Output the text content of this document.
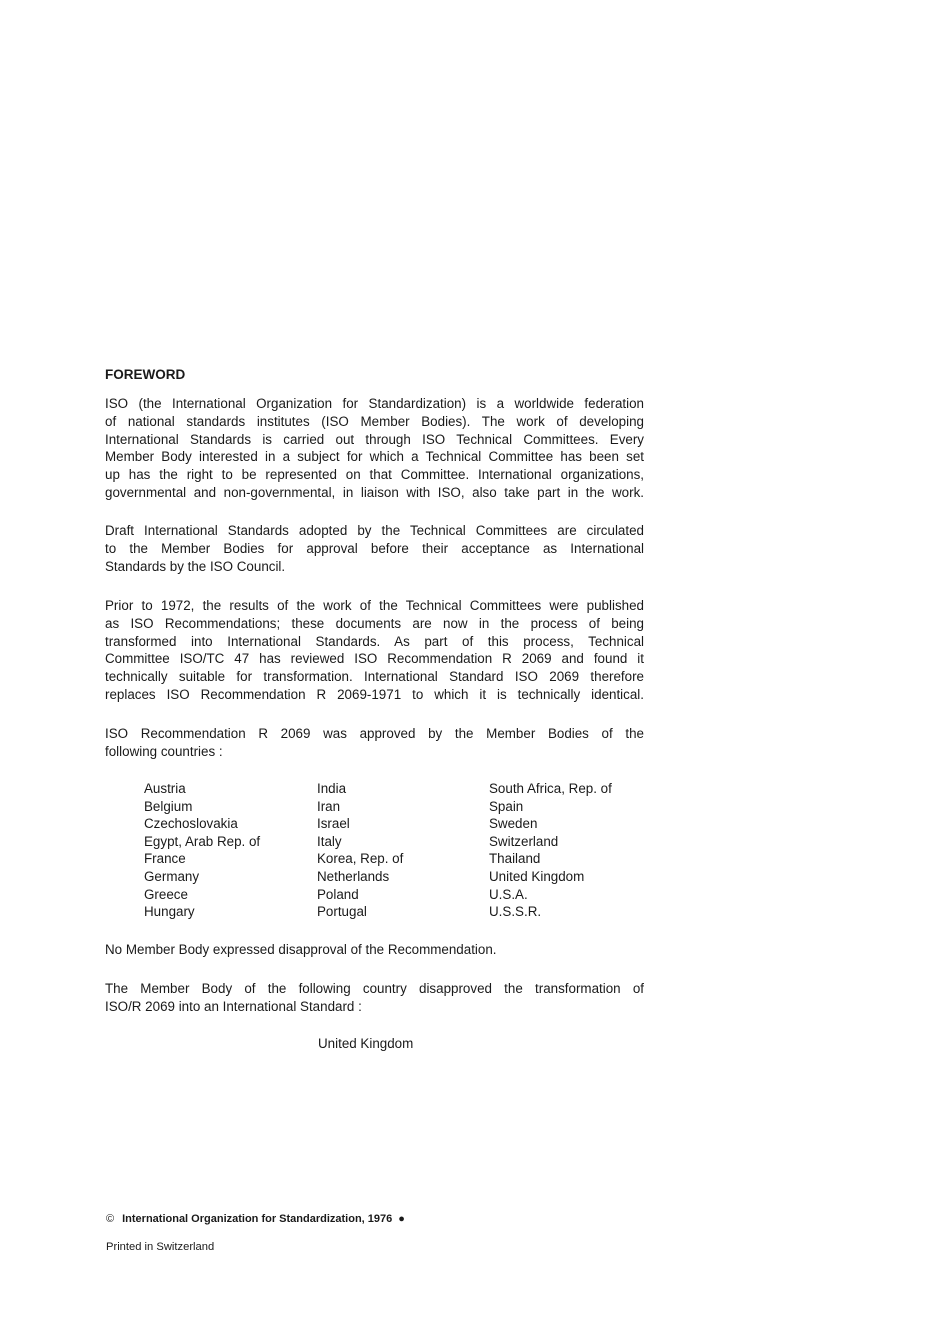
FOREWORD
ISO (the International Organization for Standardization) is a worldwide federation
of national standards institutes (ISO Member Bodies). The work of developing
International Standards is carried out through ISO Technical Committees. Every
Member Body interested in a subject for which a Technical Committee has been set
up has the right to be represented on that Committee. International organizations,
governmental and non-governmental, in liaison with ISO, also take part in the work.
Draft International Standards adopted by the Technical Committees are circulated
to the Member Bodies for approval before their acceptance as International
Standards by the ISO Council.
Prior to 1972, the results of the work of the Technical Committees were published
as ISO Recommendations; these documents are now in the process of being
transformed into International Standards. As part of this process, Technical
Committee ISO/TC 47 has reviewed ISO Recommendation R 2069 and found it
technically suitable for transformation. International Standard ISO 2069 therefore
replaces ISO Recommendation R 2069-1971 to which it is technically identical.
ISO Recommendation R 2069 was approved by the Member Bodies of the
following countries :
Austria
Belgium
Czechoslovakia
Egypt, Arab Rep. of
France
Germany
Greece
Hungary
India
Iran
Israel
Italy
Korea, Rep. of
Netherlands
Poland
Portugal
South Africa, Rep. of
Spain
Sweden
Switzerland
Thailand
United Kingdom
U.S.A.
U.S.S.R.
No Member Body expressed disapproval of the Recommendation.
The Member Body of the following country disapproved the transformation of
ISO/R 2069 into an International Standard :
United Kingdom
© International Organization for Standardization, 1976 ●
Printed in Switzerland
